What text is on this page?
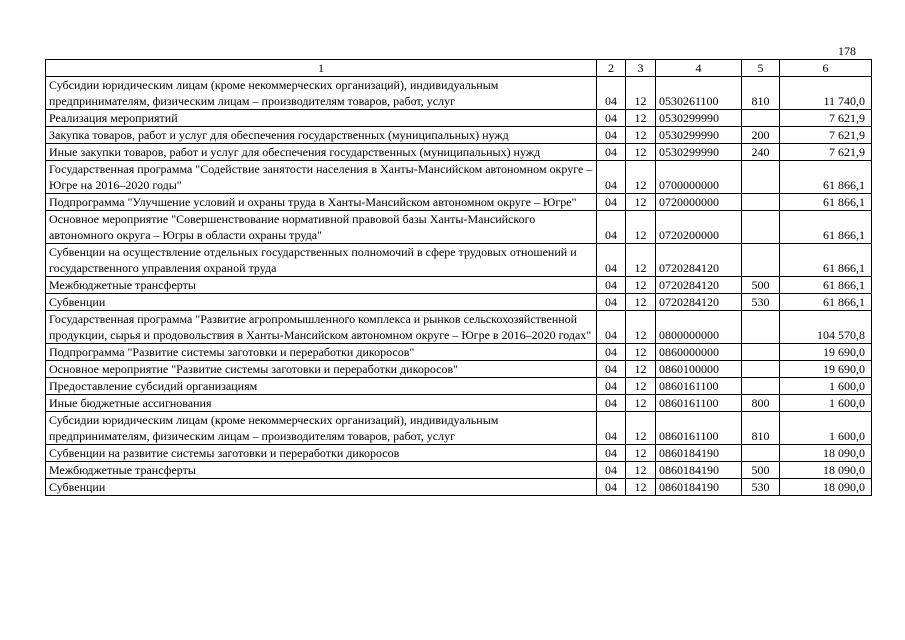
178
1	2	3	4	5	6
Субсидии юридическим лицам (кроме некоммерческих организаций), индивидуальным предпринимателям, физическим лицам – производителям товаров, работ, услуг	04	12	0530261100	810	11 740,0
Реализация мероприятий	04	12	0530299990		7 621,9
Закупка товаров, работ и услуг для обеспечения государственных (муниципальных) нужд	04	12	0530299990	200	7 621,9
Иные закупки товаров, работ и услуг для обеспечения государственных (муниципальных) нужд	04	12	0530299990	240	7 621,9
Государственная программа "Содействие занятости населения в Ханты-Мансийском автономном округе – Югре на 2016–2020 годы"	04	12	0700000000		61 866,1
Подпрограмма "Улучшение условий и охраны труда в Ханты-Мансийском автономном округе – Югре"	04	12	0720000000		61 866,1
Основное мероприятие "Совершенствование нормативной правовой базы Ханты-Мансийского автономного округа – Югры в области охраны труда"	04	12	0720200000		61 866,1
Субвенции на осуществление отдельных государственных полномочий в сфере трудовых отношений и государственного управления охраной труда	04	12	0720284120		61 866,1
Межбюджетные трансферты	04	12	0720284120	500	61 866,1
Субвенции	04	12	0720284120	530	61 866,1
Государственная программа "Развитие агропромышленного комплекса и рынков сельскохозяйственной продукции, сырья и продовольствия в Ханты-Мансийском автономном округе – Югре в 2016–2020 годах"	04	12	0800000000		104 570,8
Подпрограмма "Развитие системы заготовки и переработки дикоросов"	04	12	0860000000		19 690,0
Основное мероприятие "Развитие системы заготовки и переработки дикоросов"	04	12	0860100000		19 690,0
Предоставление субсидий организациям	04	12	0860161100		1 600,0
Иные бюджетные ассигнования	04	12	0860161100	800	1 600,0
Субсидии юридическим лицам (кроме некоммерческих организаций), индивидуальным предпринимателям, физическим лицам – производителям товаров, работ, услуг	04	12	0860161100	810	1 600,0
Субвенции на развитие системы заготовки и переработки дикоросов	04	12	0860184190		18 090,0
Межбюджетные трансферты	04	12	0860184190	500	18 090,0
Субвенции	04	12	0860184190	530	18 090,0
